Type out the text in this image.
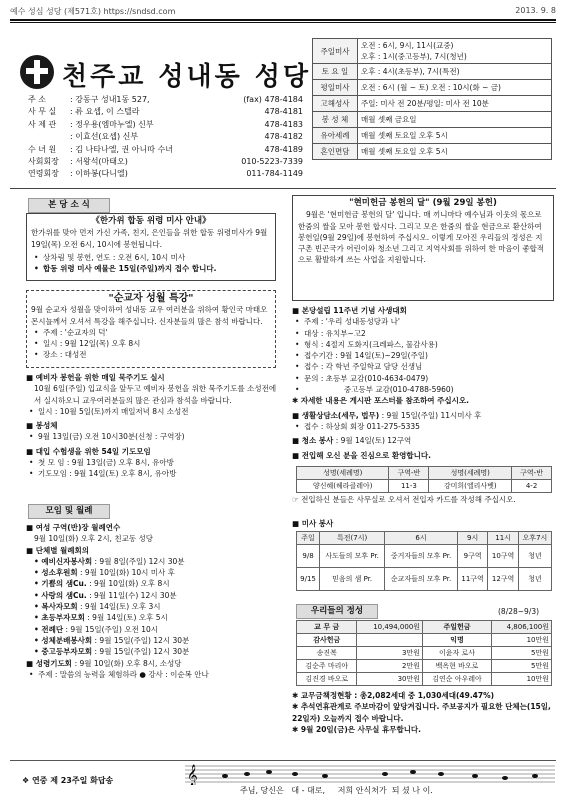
예수 성심 성당 (제571호) https://sndsd.com	2013. 9. 8
천주교 성내동 성당
주 소	: 강동구 성내1동 527,	(fax) 478-4184
사 무 실 : 류 요셉, 이 스텔라	478-4181
사 제 관 : 정우용(엠마누엘) 신부	478-4183
: 이효선(요셉) 신부	478-4182
수 녀 원 : 김 나타나엘, 권 아니따 수녀	478-4189
사회회장 : 서왕석(마태오)	010-5223-7339
연령회장 : 이하봉(다니엘)	011-784-1149
주일미사	오전 : 6시, 9시, 11시(교중)
오후 : 1시(중고등부), 7시(청년)
토 요 일	오후 : 4시(초등부), 7시(특전)
평일미사	오전 : 6시 (월 ~ 토) 오전 : 10시(화 ~ 금)
고해성사	주일: 미사 전 20분/평일: 미사 전 10분
봉 성 체	매월 셋째 금요일
유아세례	매월 셋째 토요일 오후 5시
혼인면담	매월 셋째 토요일 오후 5시
본 당 소 식
《한가위 합동 위령 미사 안내》
한가위를 맞아 먼저 가신 가족, 친지, 은인들을 위한 합동 위령미사가 9월 19일(목) 오전 6시, 10시에 봉헌됩니다.
• 상차림 및 봉헌, 연도 : 오전 6시, 10시 미사
• 합동 위령 미사 예물은 15일(주일)까지 접수 합니다.
"순교자 성월 특강"
9월 순교자 성월을 맞이하여 성내동 교우 여러분을 위하여 황인국 마태오 몬시뇰께서 오셔서 특강을 해주십니다. 신자분들의 많은 참석 바랍니다.
• 주제 : '순교자의 덕'
• 일시 : 9월 12일(목) 오후 8시
• 장소 : 대성전
■ 예비자 봉헌을 위한 매일 묵주기도 실시
10월 6일(주일) 입교식을 앞두고 예비자 봉헌을 위한 묵주기도를 소성전에서 실시하오니 교우여러분들의 많은 관심과 참석을 바랍니다.
• 일시 : 10월 5일(토)까지 매일저녁 8시 소성전
■ 봉성체
• 9월 13일(금) 오전 10시30분(신청 : 구역장)
■ 대입 수험생을 위한 54일 기도모임
• 첫 모 임 : 9월 13일(금) 오후 8시, 유아방
• 기도모임 : 9월 14일(토) 오후 8시, 유아방
모임 및 월례
■ 여성 구역(반)장 월례연수
9월 10일(화) 오후 2시, 친교동 성당
■ 단체별 월례회의
• 예비신자봉사회 : 9월 8일(주일) 12시 30분
• 성소후원회 : 9월 10일(화) 10시 미사 후
• 기쁨의 샘Cu. : 9월 10일(화) 오후 8시
• 사랑의 샘Cu. : 9월 11일(수) 12시 30분
• 복사자모회 : 9월 14일(토) 오후 3시
• 초등부자모회 : 9월 14일(토) 오후 5시
• 전례단 : 9월 15일(주일) 오전 10시
• 성체분배봉사회 : 9월 15일(주일) 12시 30분
• 중고등부자모회 : 9월 15일(주일) 12시 30분
■ 성령기도회 : 9월 10일(화) 오후 8시, 소성당
• 주제 : 말씀의 능력을 체험하라 ● 강사 : 이순복 안나
"현미헌금 봉헌의 달" (9월 29일 봉헌)
9월은 '현미헌금 봉헌의 달' 입니다. 매 끼니마다 예수님과 이웃의 몫으로 한줌의 쌀을 모아 봉헌 합시다. 그리고 모은 한줌의 쌀을 현금으로 환산하여 봉헌일(9월 29일)에 봉헌하여 주십시오. 이렇게 모아진 우리들의 정성은 지구촌 빈곤국가 어린이와 청소년 그리고 지역사회를 위하여 한 마음이 좋합적으로 활발하게 쓰는 사업을 지원합니다.
■ 본당설립 11주년 기념 사생대회
• 주제 : '우리 성내동성당과 나'
• 대상 : 유치부~고2
• 형식 : 4절지 도화지(크레파스, 물감사용)
• 접수기간 : 9월 14일(토)~29일(주일)
• 접수 : 각 학년 주일학교 담당 선생님
• 문의 : 초등부 교감(010-4634-0479)
• 중고등부 교감(010-4788-5960)
✱ 자세한 내용은 게시판 포스터를 참조하여 주십시오.
■ 생활상담소(세무, 법무) : 9월 15일(주일) 11시미사 후
• 접수 : 하상회 회장 011-275-5335
■ 청소 봉사 : 9월 14일(토) 12구역
■ 전입해 오신 분을 진심으로 환영합니다.
성명(세례명)	구역-반	성명(세례명)	구역-반
양신혜(헤라클레아)	11-3	강미희(엘리사벳)	4-2
☞ 전입하신 분들은 사무실로 오셔서 전입자 카드를 작성해 주십시오.
■ 미사 봉사
주일	특전(7시)	6시	9시	11시	오후7시
9/8	사도들의 모후 Pr.	중거자들의 모후 Pr.	9구역	10구역	청년
9/15	믿음의 샘 Pr.	순교자들의 모후 Pr.	11구역	12구역	청년
우리들의 정성	(8/28~9/3)
교 무 금	10,494,000원	주일헌금	4,806,100원
감사헌금		익명	10만원
송진복	3만원	이윤자 로사	5만원
김순주 마리아	2만원	백옥현 바오로	5만원
김진경 바오로	30만원	김연순 아우레아	10만원
✱ 교무금책정현황 : 총2,082세대 중 1,030세대(49.47%)
✱ 추석연휴관계로 주보마감이 앞당겨집니다. 주보공지가 필요한 단체는(15일, 22일자) 오늘까지 접수 바랍니다.
✱ 9월 20일(금)은 사무실 휴무합니다.
❖ 연중 제 23주일 화답송	𝄞
주님, 당신은   대 - 대로,     저희 안식처가  되 셨 나 이.
